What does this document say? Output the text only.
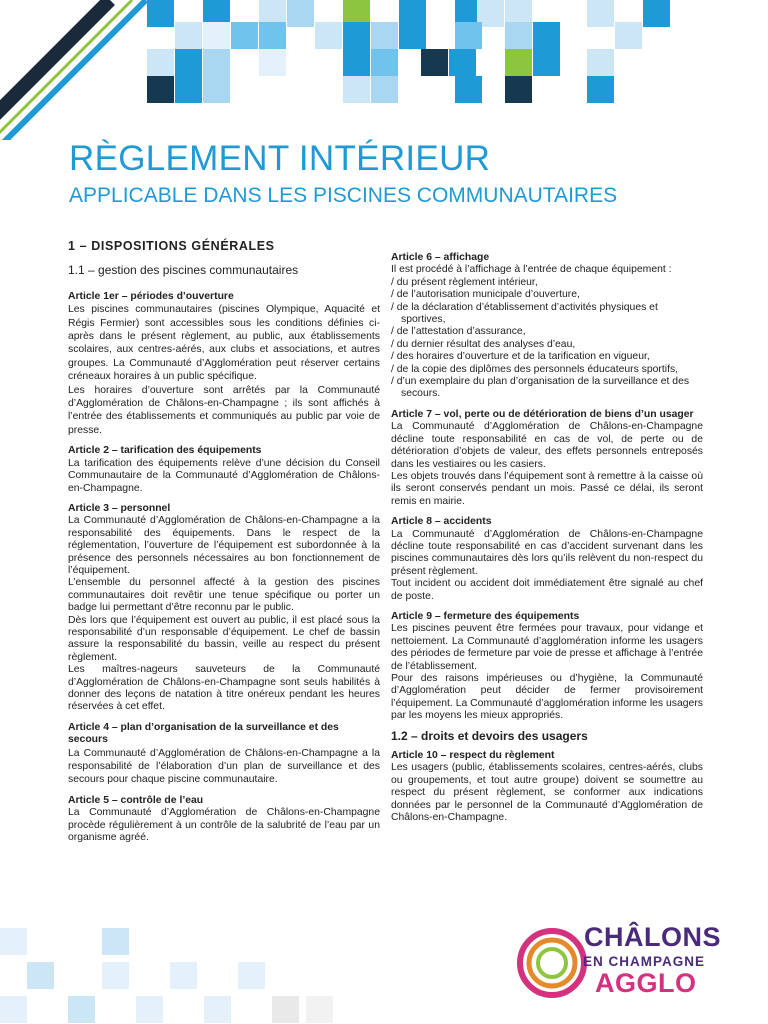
RÈGLEMENT INTÉRIEUR
APPLICABLE DANS LES PISCINES COMMUNAUTAIRES
1 – DISPOSITIONS GÉNÉRALES
1.1 – gestion des piscines communautaires
Article 1er – périodes d’ouverture
Les piscines communautaires (piscines Olympique, Aquacité et Régis Fermier) sont accessibles sous les conditions définies ci-après dans le présent règlement, au public, aux établissements scolaires, aux centres-aérés, aux clubs et associations, et autres groupes. La Communauté d’Agglomération peut réserver certains créneaux horaires à un public spécifique.
Les horaires d’ouverture sont arrêtés par la Communauté d’Agglomération de Châlons-en-Champagne ; ils sont affichés à l’entrée des établissements et communiqués au public par voie de presse.
Article 2 – tarification des équipements
La tarification des équipements relève d’une décision du Conseil Communautaire de la Communauté d’Agglomération de Châlons-en-Champagne.
Article 3 – personnel
La Communauté d’Agglomération de Châlons-en-Champagne a la responsabilité des équipements. Dans le respect de la réglementation, l’ouverture de l’équipement est subordonnée à la présence des personnels nécessaires au bon fonctionnement de l’équipement.
L’ensemble du personnel affecté à la gestion des piscines communautaires doit revêtir une tenue spécifique ou porter un badge lui permettant d’être reconnu par le public.
Dès lors que l’équipement est ouvert au public, il est placé sous la responsabilité d’un responsable d’équipement. Le chef de bassin assure la responsabilité du bassin, veille au respect du présent règlement.
Les maîtres-nageurs sauveteurs de la Communauté d’Agglomération de Châlons-en-Champagne sont seuls habilités à donner des leçons de natation à titre onéreux pendant les heures réservées à cet effet.
Article 4 – plan d’organisation de la surveillance et des secours
La Communauté d’Agglomération de Châlons-en-Champagne a la responsabilité de l’élaboration d’un plan de surveillance et des secours pour chaque piscine communautaire.
Article 5 – contrôle de l’eau
La Communauté d’Agglomération de Châlons-en-Champagne procède régulièrement à un contrôle de la salubrité de l’eau par un organisme agréé.
Article 6 – affichage
Il est procédé à l’affichage à l’entrée de chaque équipement :
/ du présent règlement intérieur,
/ de l’autorisation municipale d’ouverture,
/ de la déclaration d’établissement d’activités physiques et sportives,
/ de l’attestation d’assurance,
/ du dernier résultat des analyses d’eau,
/ des horaires d’ouverture et de la tarification en vigueur,
/ de la copie des diplômes des personnels éducateurs sportifs,
/ d’un exemplaire du plan d’organisation de la surveillance et des secours.
Article 7 – vol, perte ou de détérioration de biens d’un usager
La Communauté d’Agglomération de Châlons-en-Champagne décline toute responsabilité en cas de vol, de perte ou de détérioration d’objets de valeur, des effets personnels entreposés dans les vestiaires ou les casiers.
Les objets trouvés dans l’équipement sont à remettre à la caisse où ils seront conservés pendant un mois. Passé ce délai, ils seront remis en mairie.
Article 8 – accidents
La Communauté d’Agglomération de Châlons-en-Champagne décline toute responsabilité en cas d’accident survenant dans les piscines communautaires dès lors qu’ils relèvent du non-respect du présent règlement.
Tout incident ou accident doit immédiatement être signalé au chef de poste.
Article 9 – fermeture des équipements
Les piscines peuvent être fermées pour travaux, pour vidange et nettoiement. La Communauté d’agglomération informe les usagers des périodes de fermeture par voie de presse et affichage à l’entrée de l’établissement.
Pour des raisons impérieuses ou d’hygiène, la Communauté d’Agglomération peut décider de fermer provisoirement l’équipement. La Communauté d’agglomération informe les usagers par les moyens les mieux appropriés.
1.2 – droits et devoirs des usagers
Article 10 – respect du règlement
Les usagers (public, établissements scolaires, centres-aérés, clubs ou groupements, et tout autre groupe) doivent se soumettre au respect du présent règlement, se conformer aux indications données par le personnel de la Communauté d’Agglomération de Châlons-en-Champagne.
CHÂLONS
EN CHAMPAGNE
AGGLO
